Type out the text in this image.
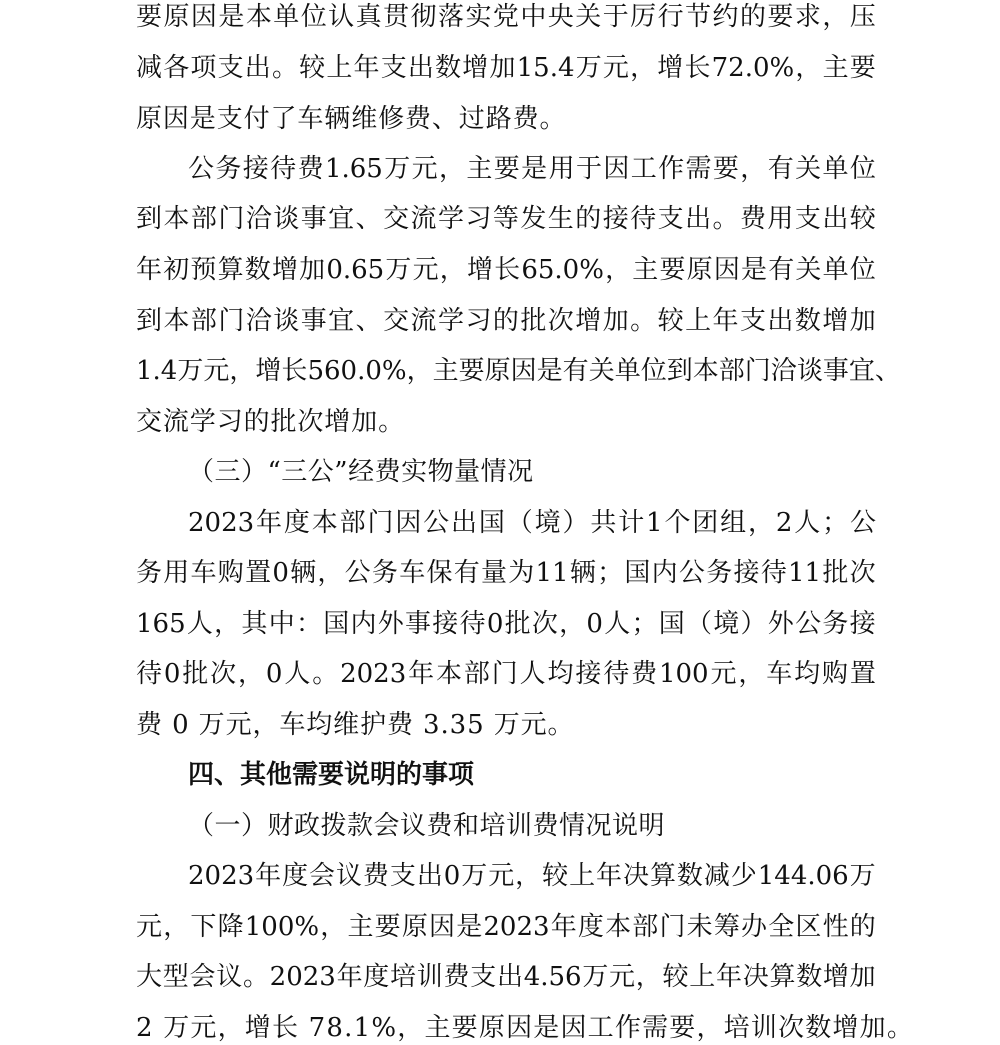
要 原 因 是 本 单 位 认 真 贯 彻 落 实 党 中 央 关 于 厉 行 节 约 的 要 求 ， 压
减 各 项 支 出 。 较 上 年 支 出 数 增 加 15.4 万 元 ， 增 长 72.0% ， 主 要
原因是支付了车辆维修费、过路费。
公 务 接 待 费 1.65 万 元 ， 主 要 是 用 于 因 工 作 需 要 ， 有 关 单 位
到 本 部 门 洽 谈 事 宜 、 交 流 学 习 等 发 生 的 接 待 支 出 。 费 用 支 出 较
年 初 预 算 数 增 加 0.65 万 元 ， 增 长 65.0% ， 主 要 原 因 是 有 关 单 位
到 本 部 门 洽 谈 事 宜 、 交 流 学 习 的 批 次 增 加 。 较 上 年 支 出 数 增 加
1.4 万 元 ， 增 长 560.0% ， 主 要 原 因 是 有 关 单 位 到 本 部 门 洽 谈 事 宜 、
交流学习的批次增加。
（三）“三公”经费实物量情况
2023 年 度 本 部 门 因 公 出 国 （ 境 ） 共 计 1 个 团 组 ， 2 人 ； 公
务 用 车 购 置 0 辆 ， 公 务 车 保 有 量 为 11 辆 ； 国 内 公 务 接 待 11 批 次
165 人 ， 其 中 ： 国 内 外 事 接 待 0 批 次 ， 0 人 ； 国 （ 境 ） 外 公 务 接
待 0 批 次 ， 0 人 。 2023 年 本 部 门 人 均 接 待 费 100 元 ， 车 均 购 置
费 0 万元，车均维护费 3.35 万元。
四、其他需要说明的事项
（一）财政拨款会议费和培训费情况说明
2023 年 度 会 议 费 支 出 0 万 元 ， 较 上 年 决 算 数 减 少 144.06 万
元 ， 下 降 100% ， 主 要 原 因 是 2023 年 度 本 部 门 未 筹 办 全 区 性 的
大 型 会 议 。 2023 年 度 培 训 费 支 出 4.56 万 元 ， 较 上 年 决 算 数 增 加
2 万元，增长 78.1%，主要原因是因工作需要，培训次数增加。
